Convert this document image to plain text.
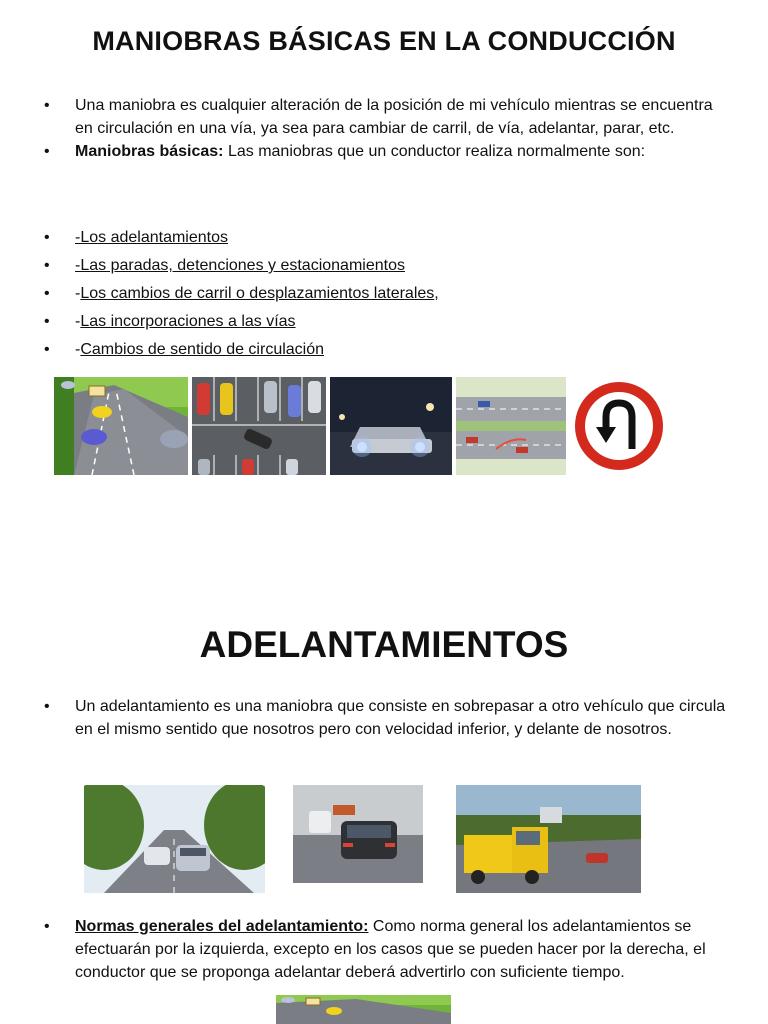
MANIOBRAS BÁSICAS EN LA CONDUCCIÓN
• Una maniobra es cualquier alteración de la posición de mi vehículo mientras se encuentra en circulación en una vía, ya sea para cambiar de carril, de vía, adelantar, parar, etc.
• Maniobras básicas: Las maniobras que un conductor realiza normalmente son:
• -Los adelantamientos
• -Las paradas, detenciones y estacionamientos
• -Los cambios de carril o desplazamientos laterales,
• -Las incorporaciones a las vías
• -Cambios de sentido de circulación
ADELANTAMIENTOS
• Un adelantamiento es una maniobra que consiste en sobrepasar a otro vehículo que circula en el mismo sentido que nosotros pero con velocidad inferior, y delante de nosotros.
• Normas generales del adelantamiento: Como norma general los adelantamientos se efectuarán por la izquierda, excepto en los casos que se pueden hacer por la derecha, el conductor que se proponga adelantar deberá advertirlo con suficiente tiempo.
